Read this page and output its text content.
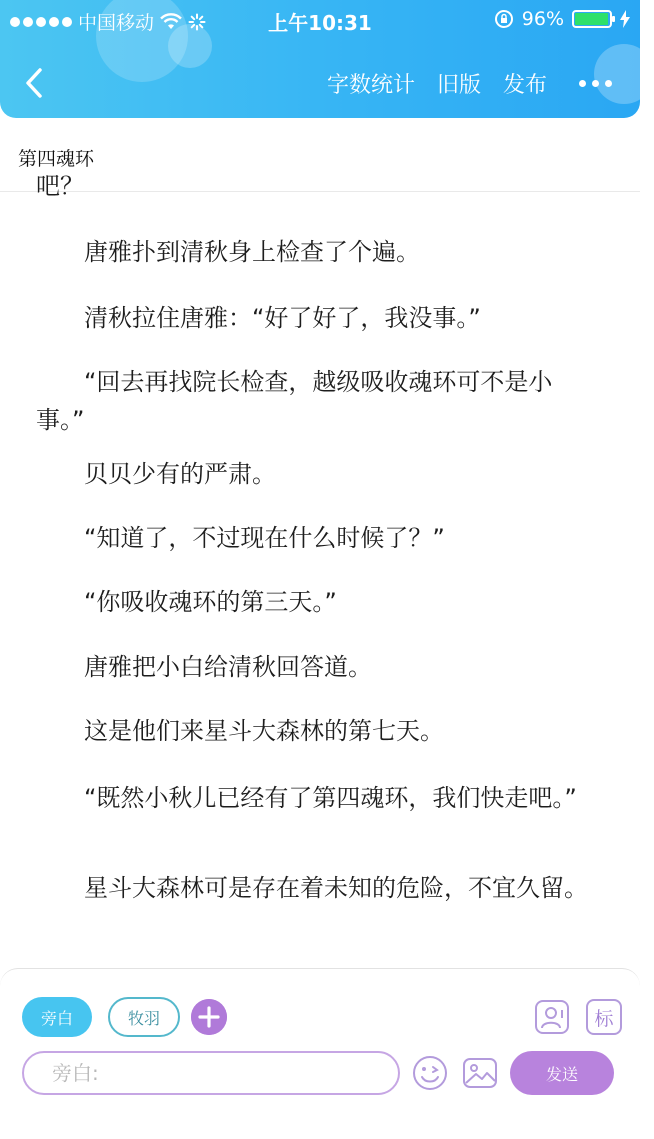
中国移动	上午10:31	96%
字数统计 旧版 发布
第四魂环

吧？

唐雅扑到清秋身上检查了个遍。

清秋拉住唐雅：“好了好了，我没事。”

“回去再找院长检查，越级吸收魂环可不是小事。”

贝贝少有的严肃。

“知道了，不过现在什么时候了？”

“你吸收魂环的第三天。”

唐雅把小白给清秋回答道。

这是他们来星斗大森林的第七天。

“既然小秋儿已经有了第四魂环，我们快走吧。”

星斗大森林可是存在着未知的危险，不宜久留。

旁白	牧羽	标
旁白:
发送
